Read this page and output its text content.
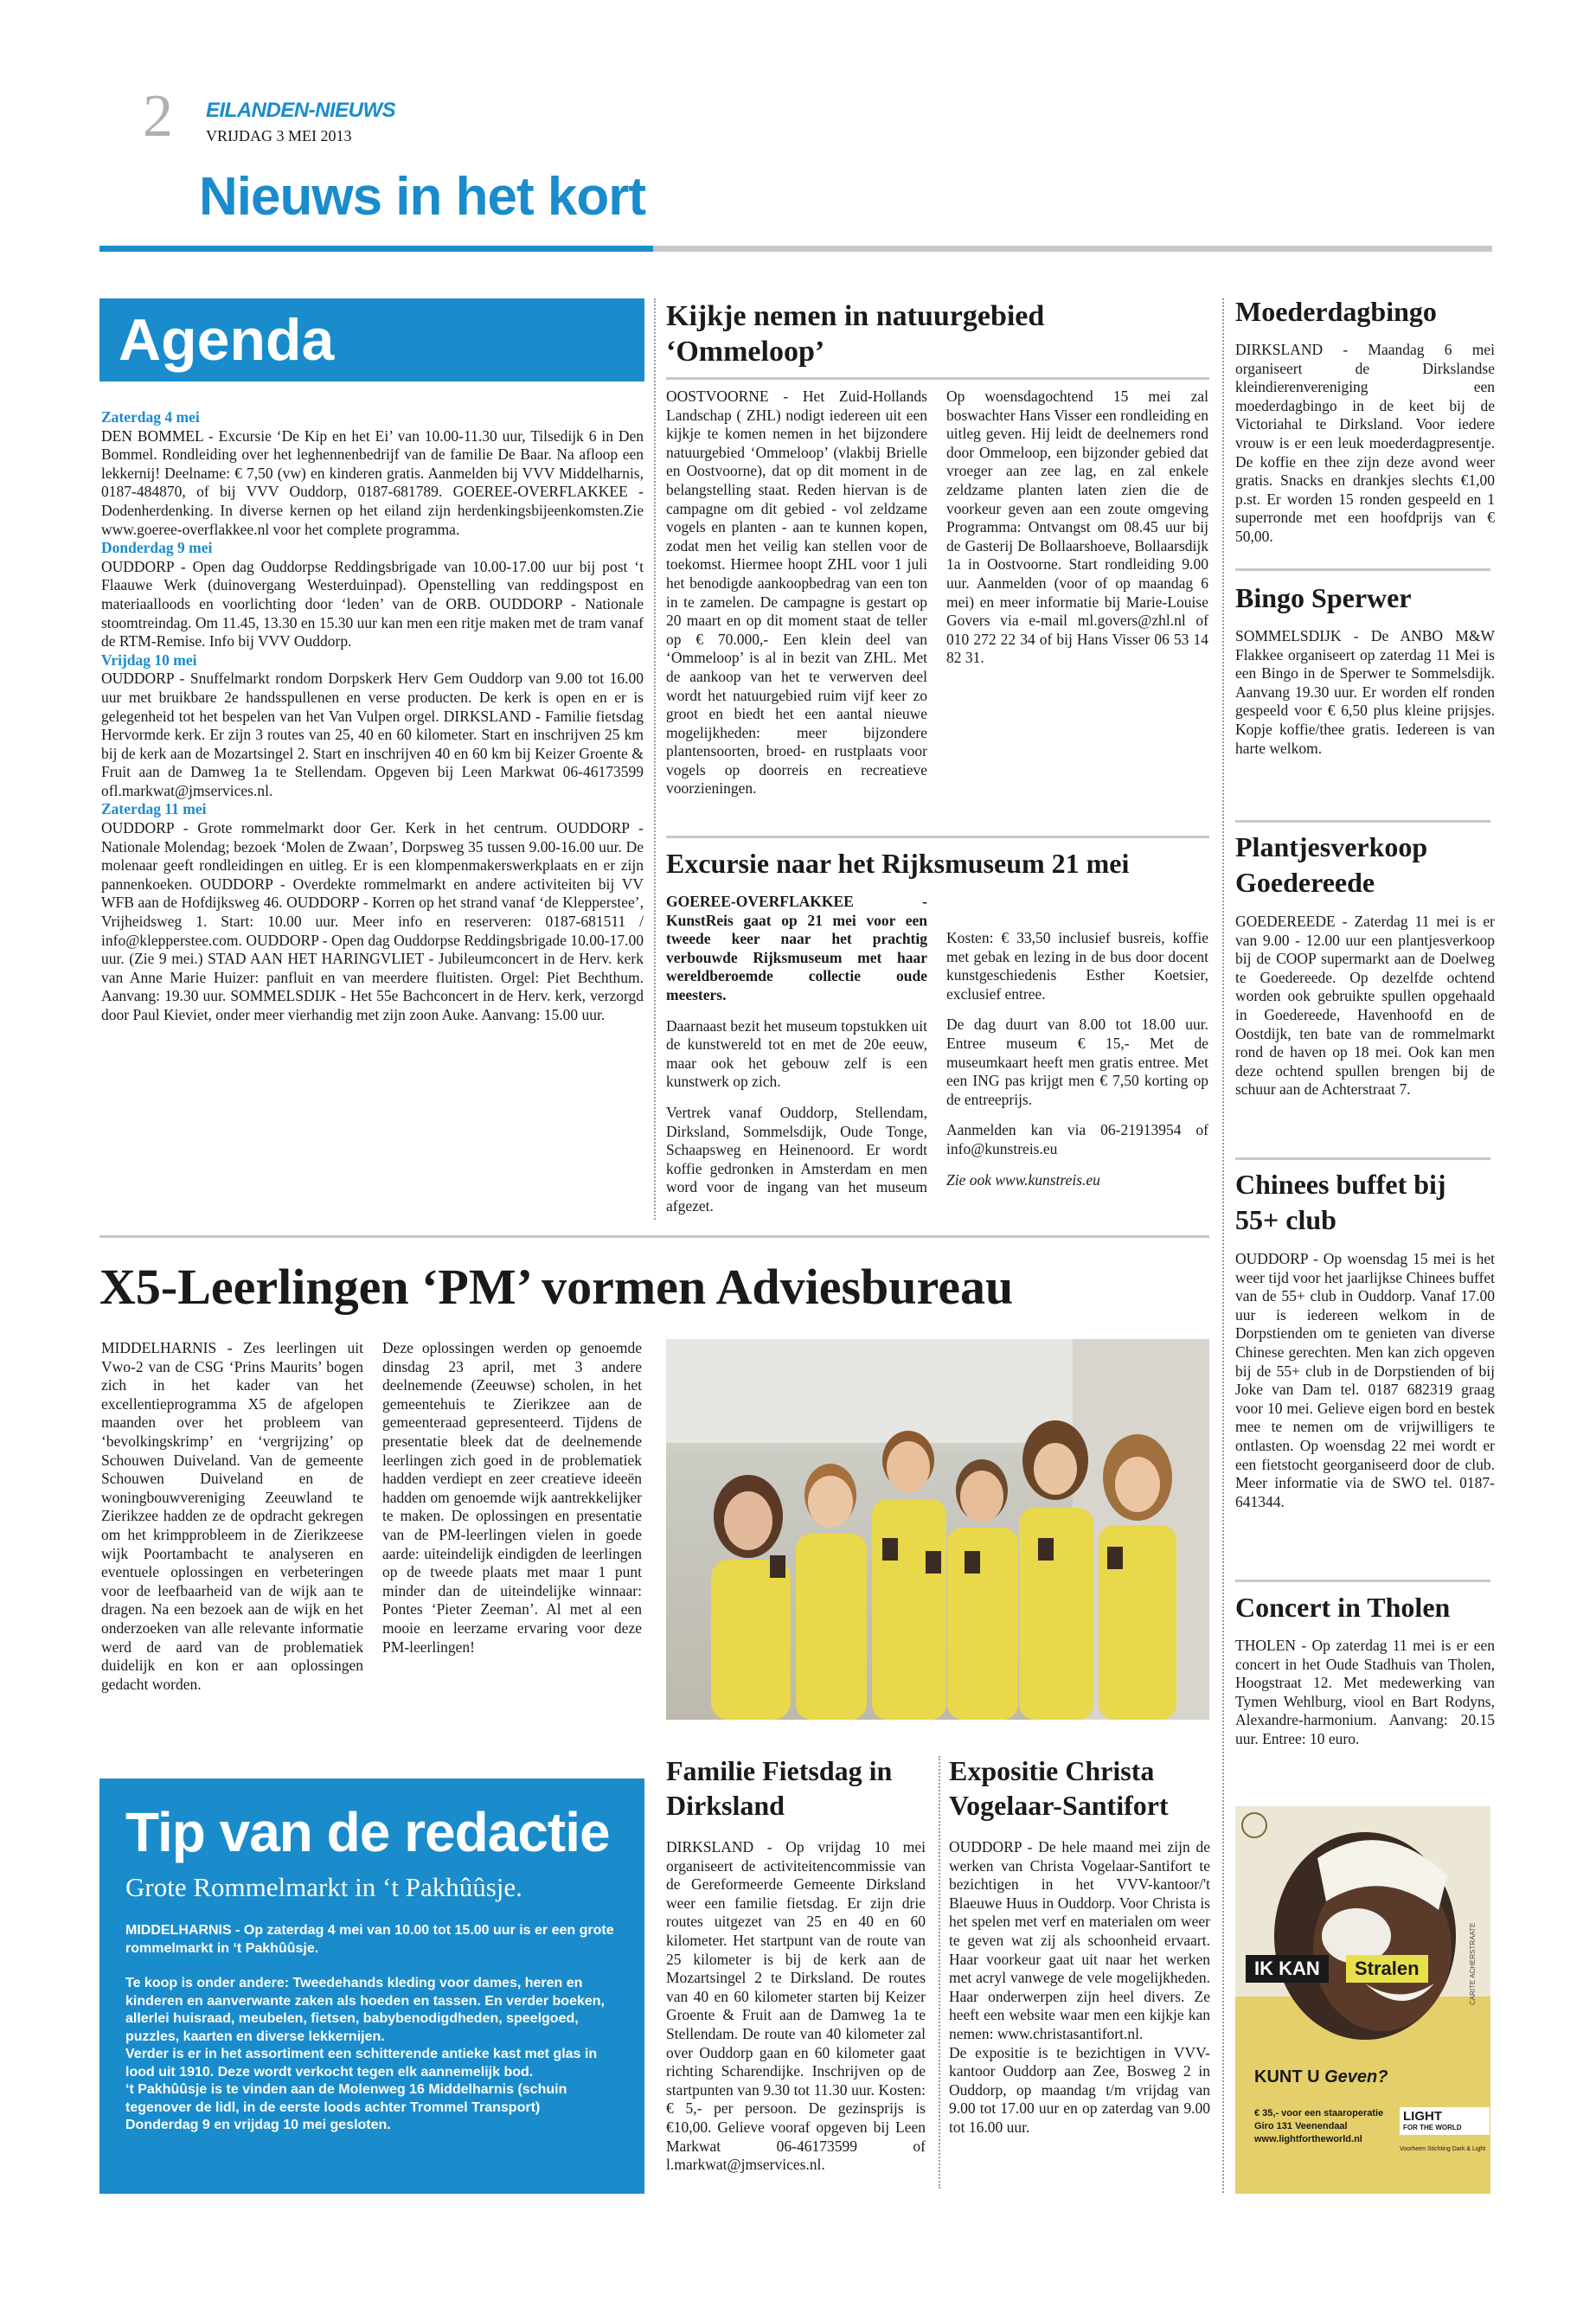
2 EILANDEN-NIEUWS
VRIJDAG 3 MEI 2013
Nieuws in het kort
Agenda

Zaterdag 4 mei

DEN BOMMEL - Excursie ‘De Kip en het Ei’ van 10.00-11.30 uur, Tilsedijk 6 in Den Bommel. Rondleiding over het leghennenbedrijf van de familie De Baar. Na afloop een lekkernij! Deelname: € 7,50 (vw) en kinderen gratis. Aanmelden bij VVV Middelharnis, 0187-484870, of bij VVV Ouddorp, 0187-681789. GOEREE-OVERFLAKKEE - Dodenherdenking. In diverse kernen op het eiland zijn herdenkingsbijeenkomsten.Zie www.goeree-overflakkee.nl voor het complete programma.

Donderdag 9 mei

OUDDORP - Open dag Ouddorpse Reddingsbrigade van 10.00-17.00 uur bij post ‘t Flaauwe Werk (duinovergang Westerduinpad). Openstelling van reddingspost en materiaalloods en voorlichting door ‘leden’ van de ORB. OUDDORP - Nationale stoomtreindag. Om 11.45, 13.30 en 15.30 uur kan men een ritje maken met de tram vanaf de RTM-Remise. Info bij VVV Ouddorp.

Vrijdag 10 mei

OUDDORP - Snuffelmarkt rondom Dorpskerk Herv Gem Ouddorp van 9.00 tot 16.00 uur met bruikbare 2e handsspullenen en verse producten. De kerk is open en er is gelegenheid tot het bespelen van het Van Vulpen orgel. DIRKSLAND - Familie fietsdag Hervormde kerk. Er zijn 3 routes van 25, 40 en 60 kilometer. Start en inschrijven 25 km bij de kerk aan de Mozartsingel 2. Start en inschrijven 40 en 60 km bij Keizer Groente & Fruit aan de Damweg 1a te Stellendam. Opgeven bij Leen Markwat 06-46173599 ofl.markwat@jmservices.nl.

Zaterdag 11 mei

OUDDORP - Grote rommelmarkt door Ger. Kerk in het centrum. OUDDORP - Nationale Molendag; bezoek ‘Molen de Zwaan’, Dorpsweg 35 tussen 9.00-16.00 uur. De molenaar geeft rondleidingen en uitleg. Er is een klompenmakerswerkplaats en er zijn pannenkoeken. OUDDORP - Overdekte rommelmarkt en andere activiteiten bij VV WFB aan de Hofdijksweg 46. OUDDORP - Korren op het strand vanaf ‘de Klepperstee’, Vrijheidsweg 1. Start: 10.00 uur. Meer info en reserveren: 0187-681511 / info@klepperstee.com. OUDDORP - Open dag Ouddorpse Reddingsbrigade 10.00-17.00 uur. (Zie 9 mei.) STAD AAN HET HARINGVLIET - Jubileumconcert in de Herv. kerk van Anne Marie Huizer: panfluit en van meerdere fluitisten. Orgel: Piet Bechthum. Aanvang: 19.30 uur. SOMMELSDIJK - Het 55e Bachconcert in de Herv. kerk, verzorgd door Paul Kieviet, onder meer vierhandig met zijn zoon Auke. Aanvang: 15.00 uur.

Kijkje nemen in natuurgebied ‘Ommeloop’
OOSTVOORNE - Het Zuid-Hollands Landschap ( ZHL) nodigt iedereen uit een kijkje te komen nemen in het bijzondere natuurgebied ‘Ommeloop’ (vlakbij Brielle en Oostvoorne), dat op dit moment in de belangstelling staat. Reden hiervan is de campagne om dit gebied - vol zeldzame vogels en planten - aan te kunnen kopen, zodat men het veilig kan stellen voor de toekomst. Hiermee hoopt ZHL voor 1 juli het benodigde aankoopbedrag van een ton in te zamelen. De campagne is gestart op 20 maart en op dit moment staat de teller op € 70.000,- Een klein deel van ‘Ommeloop’ is al in bezit van ZHL. Met de aankoop van het te verwerven deel wordt het natuurgebied ruim vijf keer zo groot en biedt het een aantal nieuwe mogelijkheden: meer bijzondere plantensoorten, broed- en rustplaats voor vogels op doorreis en recreatieve voorzieningen.
Op woensdagochtend 15 mei zal boswachter Hans Visser een rondleiding en uitleg geven. Hij leidt de deelnemers rond door Ommeloop, een bijzonder gebied dat vroeger aan zee lag, en zal enkele zeldzame planten laten zien die de voorkeur geven aan een zoute omgeving Programma: Ontvangst om 08.45 uur bij de Gasterij De Bollaarshoeve, Bollaarsdijk 1a in Oostvoorne. Start rondleiding 9.00 uur. Aanmelden (voor of op maandag 6 mei) en meer informatie bij Marie-Louise Govers via e-mail ml.govers@zhl.nl of 010 272 22 34 of bij Hans Visser 06 53 14 82 31.
Excursie naar het Rijksmuseum 21 mei

GOEREE-OVERFLAKKEE - KunstReis gaat op 21 mei voor een tweede keer naar het prachtig verbouwde Rijksmuseum met haar wereldberoemde collectie oude meesters.

Daarnaast bezit het museum topstukken uit de kunstwereld tot en met de 20e eeuw, maar ook het gebouw zelf is een kunstwerk op zich.

Vertrek vanaf Ouddorp, Stellendam, Dirksland, Sommelsdijk, Oude Tonge, Schaapsweg en Heinenoord. Er wordt koffie gedronken in Amsterdam en men word voor de ingang van het museum afgezet.

Kosten: € 33,50 inclusief busreis, koffie met gebak en lezing in de bus door docent kunstgeschiedenis Esther Koetsier, exclusief entree.

De dag duurt van 8.00 tot 18.00 uur. Entree museum € 15,- Met de museumkaart heeft men gratis entree. Met een ING pas krijgt men € 7,50 korting op de entreeprijs.

Aanmelden kan via 06-21913954 of info@kunstreis.eu

Zie ook www.kunstreis.eu

X5-Leerlingen ‘PM’ vormen Adviesbureau
MIDDELHARNIS - Zes leerlingen uit Vwo-2 van de CSG ‘Prins Maurits’ bogen zich in het kader van het excellentieprogramma X5 de afgelopen maanden over het probleem van ‘bevolkingskrimp’ en ‘vergrijzing’ op Schouwen Duiveland. Van de gemeente Schouwen Duiveland en de woningbouwvereniging Zeeuwland te Zierikzee hadden ze de opdracht gekregen om het krimpprobleem in de Zierikzeese wijk Poortambacht te analyseren en eventuele oplossingen en verbeteringen voor de leefbaarheid van de wijk aan te dragen. Na een bezoek aan de wijk en het onderzoeken van alle relevante informatie werd de aard van de problematiek duidelijk en kon er aan oplossingen gedacht worden.
Deze oplossingen werden op genoemde dinsdag 23 april, met 3 andere deelnemende (Zeeuwse) scholen, in het gemeentehuis te Zierikzee aan de gemeenteraad gepresenteerd. Tijdens de presentatie bleek dat de deelnemende leerlingen zich goed in de problematiek hadden verdiept en zeer creatieve ideeën hadden om genoemde wijk aantrekkelijker te maken. De oplossingen en presentatie van de PM-leerlingen vielen in goede aarde: uiteindelijk eindigden de leerlingen op de tweede plaats met maar 1 punt minder dan de uiteindelijke winnaar: Pontes ‘Pieter Zeeman’. Al met al een mooie en leerzame ervaring voor deze PM-leerlingen!
Tip van de redactie
Grote Rommelmarkt in ‘t Pakhûûsje.

MIDDELHARNIS - Op zaterdag 4 mei van 10.00 tot 15.00 uur is er een grote rommelmarkt in ‘t Pakhûûsje.

Te koop is onder andere: Tweedehands kleding voor dames, heren en kinderen en aanverwante zaken als hoeden en tassen. En verder boeken, allerlei huisraad, meubelen, fietsen, babybenodigdheden, speelgoed, puzzles, kaarten en diverse lekkernijen.

Verder is er in het assortiment een schitterende antieke kast met glas in lood uit 1910. Deze wordt verkocht tegen elk aannemelijk bod.

‘t Pakhûûsje is te vinden aan de Molenweg 16 Middelharnis (schuin tegenover de lidl, in de eerste loods achter Trommel Transport)

Donderdag 9 en vrijdag 10 mei gesloten.

Familie Fietsdag in Dirksland
DIRKSLAND - Op vrijdag 10 mei organiseert de activiteitencommissie van de Gereformeerde Gemeente Dirksland weer een familie fietsdag. Er zijn drie routes uitgezet van 25 en 40 en 60 kilometer. Het startpunt van de route van 25 kilometer is bij de kerk aan de Mozartsingel 2 te Dirksland. De routes van 40 en 60 kilometer starten bij Keizer Groente & Fruit aan de Damweg 1a te Stellendam. De route van 40 kilometer zal over Ouddorp gaan en 60 kilometer gaat richting Scharendijke. Inschrijven op de startpunten van 9.30 tot 11.30 uur. Kosten: € 5,- per persoon. De gezinsprijs is €10,00. Gelieve vooraf opgeven bij Leen Markwat 06-46173599 of l.markwat@jmservices.nl.
Expositie Christa Vogelaar-Santifort

OUDDORP - De hele maand mei zijn de werken van Christa Vogelaar-Santifort te bezichtigen in het VVV-kantoor/'t Blaeuwe Huus in Ouddorp. Voor Christa is het spelen met verf en materialen om weer te geven wat zij als schoonheid ervaart. Haar voorkeur gaat uit naar het werken met acryl vanwege de vele mogelijkheden. Haar onderwerpen zijn heel divers. Ze heeft een website waar men een kijkje kan nemen: www.christasantifort.nl.

De expositie is te bezichtigen in VVV-kantoor Ouddorp aan Zee, Bosweg 2 in Ouddorp, op maandag t/m vrijdag van 9.00 tot 17.00 uur en op zaterdag van 9.00 tot 16.00 uur.

Moederdagbingo
DIRKSLAND - Maandag 6 mei organiseert de Dirkslandse kleindierenvereniging een moederdagbingo in de keet bij de Victoriahal te Dirksland. Voor iedere vrouw is er een leuk moederdagpresentje. De koffie en thee zijn deze avond weer gratis. Snacks en drankjes slechts €1,00 p.st. Er worden 15 ronden gespeeld en 1 superronde met een hoofdprijs van € 50,00.
Bingo Sperwer
SOMMELSDIJK - De ANBO M&W Flakkee organiseert op zaterdag 11 Mei is een Bingo in de Sperwer te Sommelsdijk. Aanvang 19.30 uur. Er worden elf ronden gespeeld voor € 6,50 plus kleine prijsjes. Kopje koffie/thee gratis. Iedereen is van harte welkom.
Plantjesverkoop Goedereede
GOEDEREEDE - Zaterdag 11 mei is er van 9.00 - 12.00 uur een plantjesverkoop bij de COOP supermarkt aan de Doelweg te Goedereede. Op dezelfde ochtend worden ook gebruikte spullen opgehaald in Goedereede, Havenhoofd en de Oostdijk, ten bate van de rommelmarkt rond de haven op 18 mei. Ook kan men deze ochtend spullen brengen bij de schuur aan de Achterstraat 7.
Chinees buffet bij 55+ club
OUDDORP - Op woensdag 15 mei is het weer tijd voor het jaarlijkse Chinees buffet van de 55+ club in Ouddorp. Vanaf 17.00 uur is iedereen welkom in de Dorpstienden om te genieten van diverse Chinese gerechten. Men kan zich opgeven bij de 55+ club in de Dorpstienden of bij Joke van Dam tel. 0187 682319 graag voor 10 mei. Gelieve eigen bord en bestek mee te nemen om de vrijwilligers te ontlasten. Op woensdag 22 mei wordt er een fietstocht georganiseerd door de club. Meer informatie via de SWO tel. 0187-641344.
Concert in Tholen
THOLEN - Op zaterdag 11 mei is er een concert in het Oude Stadhuis van Tholen, Hoogstraat 12. Met medewerking van Tymen Wehlburg, viool en Bart Rodyns, Alexandre-harmonium. Aanvang: 20.15 uur. Entree: 10 euro.
IK KAN	Stralen
KUNT U Geven?
€ 35,- voor een staaroperatie
Giro 131 Veenendaal
www.lightfortheworld.nl
LIGHT
FOR THE WORLD
Voorheen Stichting Dark & Light
CARITE ACHERSTRAATE
